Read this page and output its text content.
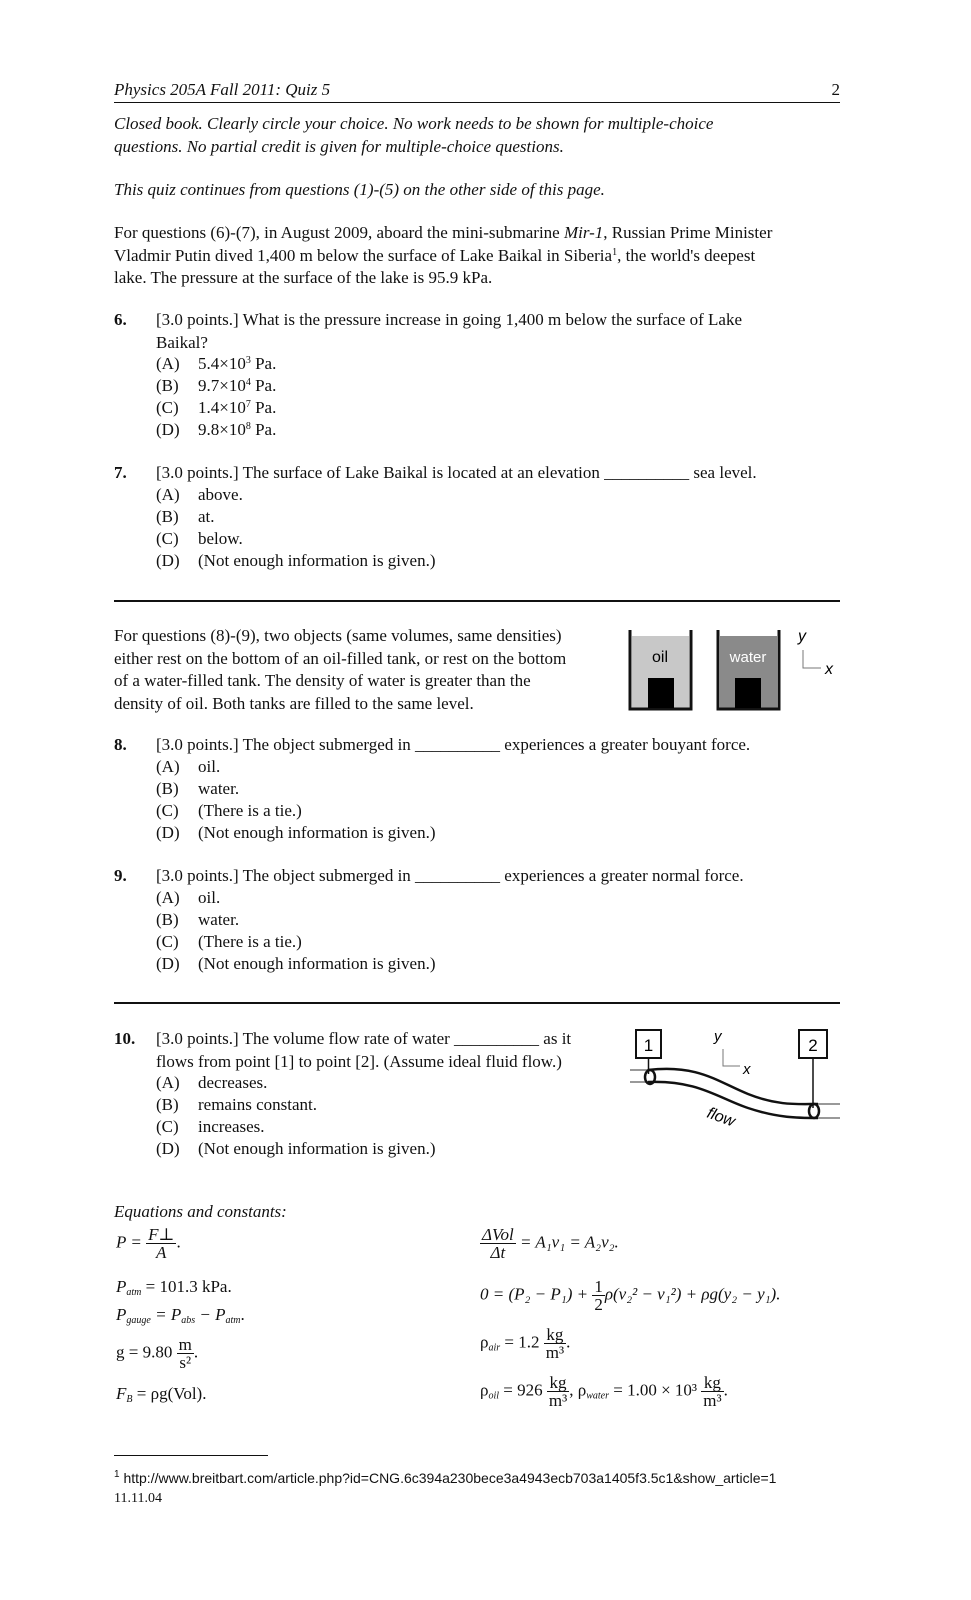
Physics 205A Fall 2011: Quiz 5	2

Closed book. Clearly circle your choice. No work needs to be shown for multiple-choice

questions. No partial credit is given for multiple-choice questions.

This quiz continues from questions (1)-(5) on the other side of this page.

For questions (6)-(7), in August 2009, aboard the mini-submarine Mir-1, Russian Prime Minister

Vladmir Putin dived 1,400 m below the surface of Lake Baikal in Siberia$^1$, the world's deepest

lake. The pressure at the surface of the lake is 95.9 kPa.

6. [3.0 points.] What is the pressure increase in going 1,400 m below the surface of Lake

Baikal?

(A) $5.4\times 10^3$ Pa.
(B) $9.7\times 10^4$ Pa.
(C) $1.4\times 10^7$ Pa.
(D) $9.8\times 10^8$ Pa.
7. [3.0 points.] The surface of Lake Baikal is located at an elevation __________ sea level.

(A) above.
(B) at.
(C) below.
(D) (Not enough information is given.)

For questions (8)-(9), two objects (same volumes, same densities)

either rest on the bottom of an oil-filled tank, or rest on the bottom

of a water-filled tank. The density of water is greater than the

density of oil. Both tanks are filled to the same level.

oil	water
y
x
8. [3.0 points.] The object submerged in __________ experiences a greater bouyant force.

(A) oil.
(B) water.
(C) (There is a tie.)
(D) (Not enough information is given.)
9. [3.0 points.] The object submerged in __________ experiences a greater normal force.

(A) oil.
(B) water.
(C) (There is a tie.)
(D) (Not enough information is given.)
10. [3.0 points.] The volume flow rate of water __________ as it

flows from point [1] to point [2]. (Assume ideal fluid flow.)

(A) decreases.
(B) remains constant.
(C) increases.
(D) (Not enough information is given.)
1	2
y
x
flow
Equations and constants:
$P = \frac{F\perp}{A}$ .
$P_{atm} = 101.3$ kPa.
$P_{gauge} = P_{abs} - P_{atm}$.
$g = 9.80 \frac{m}{\text{s²}}$ .
$F_B = \rho g(Vol)$.
$\frac{\text{ΔVol}}{\Delta t} = A_1v_1 = A_2v_2$.
$0 = (P_2 - P_1) + \frac{1}{2} \rho(v_2^2 - v_1^2) + \rho g(y_2 - y_1)$.
$\rho_{air} = 1.2 \frac{kg}{\text{m³}}$ .
$\rho_{oil} = 926 \frac{kg}{\text{m³}}$ , $\rho_{water} = 1.00 \times 10^3 \frac{kg}{\text{m³}}$ .
$^1$ http://www.breitbart.com/article.php?id=CNG.6c394a230bece3a4943ecb703a1405f3.5c1&show_article=1
11.11.04
